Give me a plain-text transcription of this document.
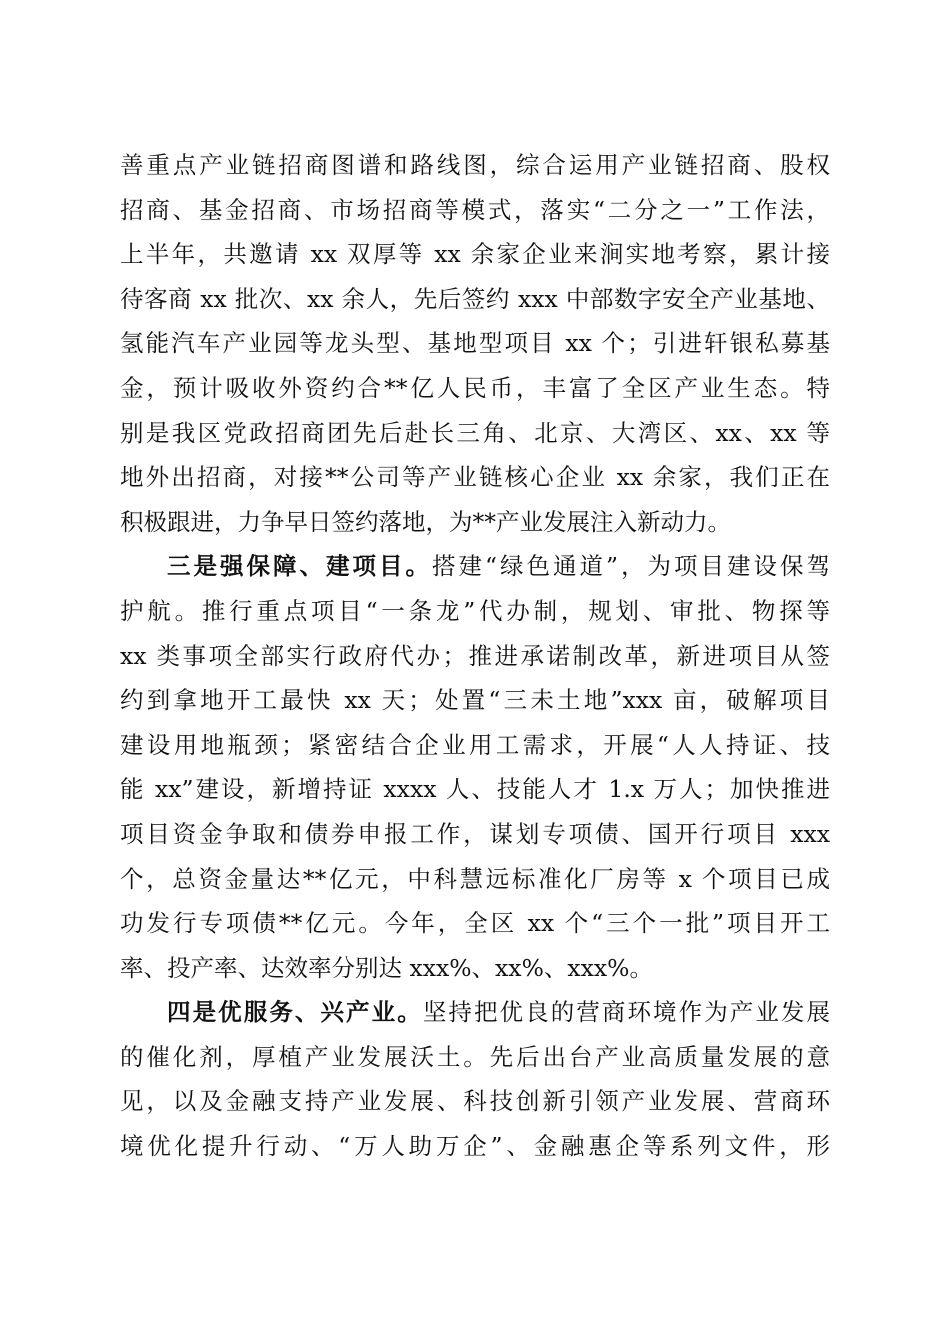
善重点产业链招商图谱和路线图，综合运用产业链招商、股权
招商、基金招商、市场招商等模式，落实“二分之一”工作法，
上半年，共邀请 xx 双厚等 xx 余家企业来涧实地考察，累计接
待客商 xx 批次、xx 余人，先后签约 xxx 中部数字安全产业基地、
氢能汽车产业园等龙头型、基地型项目 xx 个；引进轩银私募基
金，预计吸收外资约合**亿人民币，丰富了全区产业生态。特
别是我区党政招商团先后赴长三角、北京、大湾区、xx、xx 等
地外出招商，对接**公司等产业链核心企业 xx 余家，我们正在
积极跟进，力争早日签约落地，为**产业发展注入新动力。
三是强保障、建项目。搭建“绿色通道”，为项目建设保驾
护航。推行重点项目“一条龙”代办制，规划、审批、物探等
xx 类事项全部实行政府代办；推进承诺制改革，新进项目从签
约到拿地开工最快 xx 天；处置“三未土地”xxx 亩，破解项目
建设用地瓶颈；紧密结合企业用工需求，开展“人人持证、技
能 xx”建设，新增持证 xxxx 人、技能人才 1.x 万人；加快推进
项目资金争取和债券申报工作，谋划专项债、国开行项目 xxx
个，总资金量达**亿元，中科慧远标准化厂房等 x 个项目已成
功发行专项债**亿元。今年，全区 xx 个“三个一批”项目开工
率、投产率、达效率分别达 xxx%、xx%、xxx%。
四是优服务、兴产业。坚持把优良的营商环境作为产业发展
的催化剂，厚植产业发展沃土。先后出台产业高质量发展的意
见，以及金融支持产业发展、科技创新引领产业发展、营商环
境优化提升行动、“万人助万企”、金融惠企等系列文件，形
